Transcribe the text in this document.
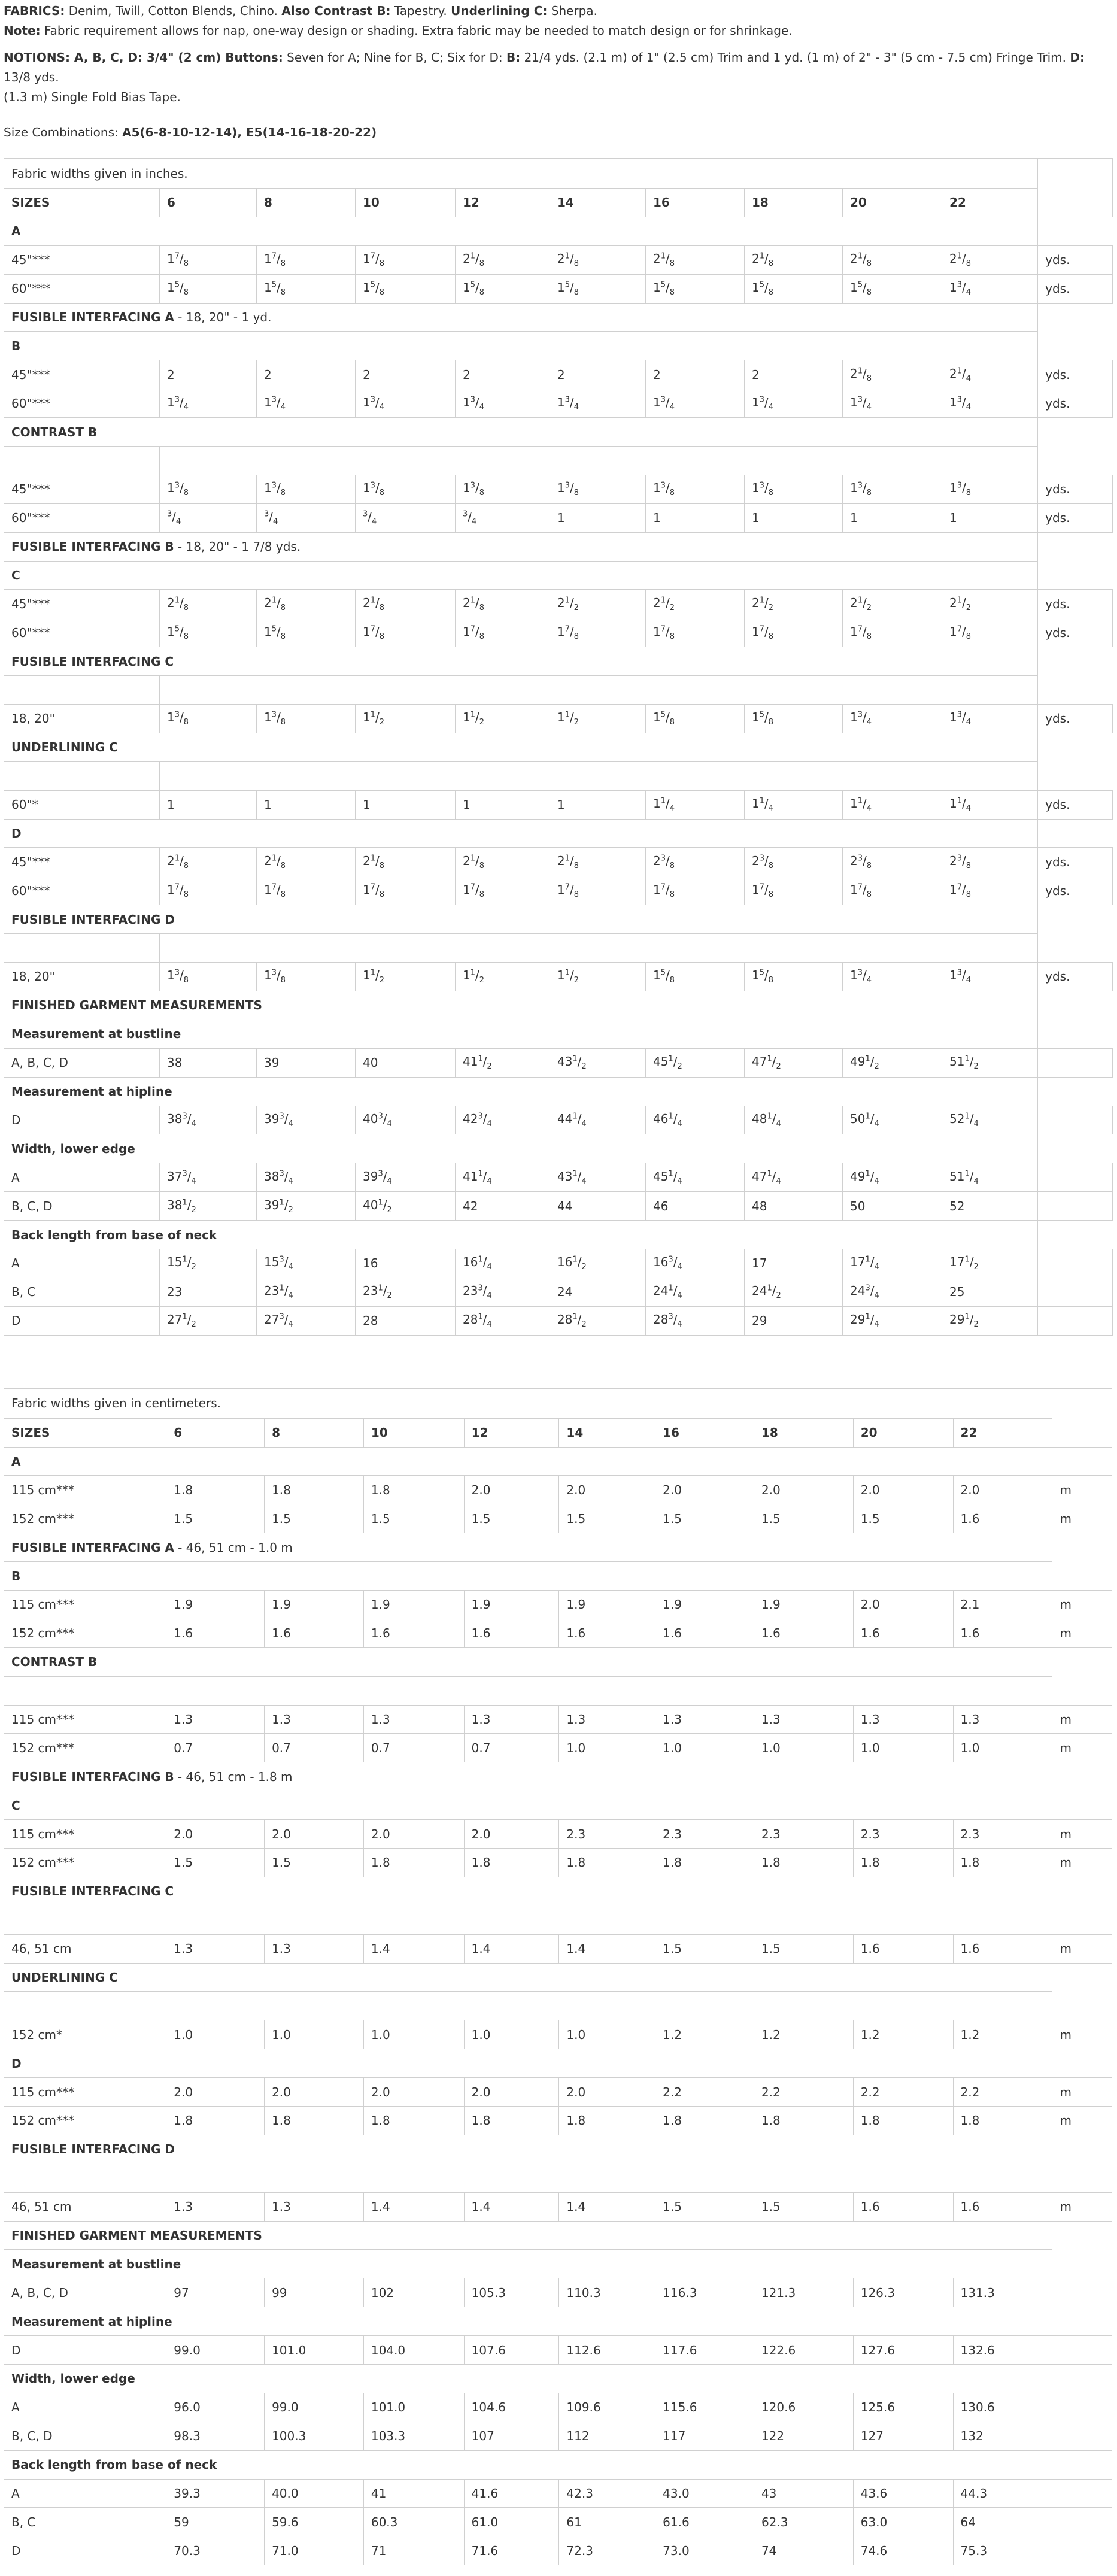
FABRICS: Denim, Twill, Cotton Blends, Chino. Also Contrast B: Tapestry. Underlining C: Sherpa.

Note: Fabric requirement allows for nap, one-way design or shading. Extra fabric may be needed to match design or for shrinkage.

NOTIONS: A, B, C, D: 3/4" (2 cm) Buttons: Seven for A; Nine for B, C; Six for D: B: 21/4 yds. (2.1 m) of 1" (2.5 cm) Trim and 1 yd. (1 m) of 2" - 3" (5 cm - 7.5 cm) Fringe Trim. D: 13/8 yds.

(1.3 m) Single Fold Bias Tape.

Size Combinations: A5(6-8-10-12-14), E5(14-16-18-20-22)

Fabric widths given in inches.										
SIZES	6	8	10	12	14	16	18	20	22	
A										
45"***	$1^7/_8$	$1^7/_8$	$1^7/_8$	$2^1/_8$	$2^1/_8$	$2^1/_8$	$2^1/_8$	$2^1/_8$	$2^1/_8$	yds.
60"***	$1^5/_8$	$1^5/_8$	$1^5/_8$	$1^5/_8$	$1^5/_8$	$1^5/_8$	$1^5/_8$	$1^5/_8$	$1^3/_4$	yds.
FUSIBLE INTERFACING A - 18, 20" - 1 yd.										
B										
45"***	2	2	2	2	2	2	2	$2^1/_8$	$2^1/_4$	yds.
60"***	$1^3/_4$	$1^3/_4$	$1^3/_4$	$1^3/_4$	$1^3/_4$	$1^3/_4$	$1^3/_4$	$1^3/_4$	$1^3/_4$	yds.
CONTRAST B										

45"***	$1^3/_8$	$1^3/_8$	$1^3/_8$	$1^3/_8$	$1^3/_8$	$1^3/_8$	$1^3/_8$	$1^3/_8$	$1^3/_8$	yds.
60"***	$^3/_4$	$^3/_4$	$^3/_4$	$^3/_4$	1	1	1	1	1	yds.
FUSIBLE INTERFACING B - 18, 20" - 1 7/8 yds.										
C										
45"***	$2^1/_8$	$2^1/_8$	$2^1/_8$	$2^1/_8$	$2^1/_2$	$2^1/_2$	$2^1/_2$	$2^1/_2$	$2^1/_2$	yds.
60"***	$1^5/_8$	$1^5/_8$	$1^7/_8$	$1^7/_8$	$1^7/_8$	$1^7/_8$	$1^7/_8$	$1^7/_8$	$1^7/_8$	yds.
FUSIBLE INTERFACING C										

18, 20"	$1^3/_8$	$1^3/_8$	$1^1/_2$	$1^1/_2$	$1^1/_2$	$1^5/_8$	$1^5/_8$	$1^3/_4$	$1^3/_4$	yds.
UNDERLINING C										

60"*	1	1	1	1	1	$1^1/_4$	$1^1/_4$	$1^1/_4$	$1^1/_4$	yds.
D										
45"***	$2^1/_8$	$2^1/_8$	$2^1/_8$	$2^1/_8$	$2^1/_8$	$2^3/_8$	$2^3/_8$	$2^3/_8$	$2^3/_8$	yds.
60"***	$1^7/_8$	$1^7/_8$	$1^7/_8$	$1^7/_8$	$1^7/_8$	$1^7/_8$	$1^7/_8$	$1^7/_8$	$1^7/_8$	yds.
FUSIBLE INTERFACING D										

18, 20"	$1^3/_8$	$1^3/_8$	$1^1/_2$	$1^1/_2$	$1^1/_2$	$1^5/_8$	$1^5/_8$	$1^3/_4$	$1^3/_4$	yds.
FINISHED GARMENT MEASUREMENTS										
Measurement at bustline										
A, B, C, D	38	39	40	$41^1/_2$	$43^1/_2$	$45^1/_2$	$47^1/_2$	$49^1/_2$	$51^1/_2$	
Measurement at hipline										
D	$38^3/_4$	$39^3/_4$	$40^3/_4$	$42^3/_4$	$44^1/_4$	$46^1/_4$	$48^1/_4$	$50^1/_4$	$52^1/_4$	
Width, lower edge										
A	$37^3/_4$	$38^3/_4$	$39^3/_4$	$41^1/_4$	$43^1/_4$	$45^1/_4$	$47^1/_4$	$49^1/_4$	$51^1/_4$	
B, C, D	$38^1/_2$	$39^1/_2$	$40^1/_2$	42	44	46	48	50	52	
Back length from base of neck										
A	$15^1/_2$	$15^3/_4$	16	$16^1/_4$	$16^1/_2$	$16^3/_4$	17	$17^1/_4$	$17^1/_2$	
B, C	23	$23^1/_4$	$23^1/_2$	$23^3/_4$	24	$24^1/_4$	$24^1/_2$	$24^3/_4$	25	
D	$27^1/_2$	$27^3/_4$	28	$28^1/_4$	$28^1/_2$	$28^3/_4$	29	$29^1/_4$	$29^1/_2$	
Fabric widths given in centimeters.										
SIZES	6	8	10	12	14	16	18	20	22	
A										
115 cm***	1.8	1.8	1.8	2.0	2.0	2.0	2.0	2.0	2.0	m
152 cm***	1.5	1.5	1.5	1.5	1.5	1.5	1.5	1.5	1.6	m
FUSIBLE INTERFACING A - 46, 51 cm - 1.0 m										
B										
115 cm***	1.9	1.9	1.9	1.9	1.9	1.9	1.9	2.0	2.1	m
152 cm***	1.6	1.6	1.6	1.6	1.6	1.6	1.6	1.6	1.6	m
CONTRAST B										

115 cm***	1.3	1.3	1.3	1.3	1.3	1.3	1.3	1.3	1.3	m
152 cm***	0.7	0.7	0.7	0.7	1.0	1.0	1.0	1.0	1.0	m
FUSIBLE INTERFACING B - 46, 51 cm - 1.8 m										
C										
115 cm***	2.0	2.0	2.0	2.0	2.3	2.3	2.3	2.3	2.3	m
152 cm***	1.5	1.5	1.8	1.8	1.8	1.8	1.8	1.8	1.8	m
FUSIBLE INTERFACING C										

46, 51 cm	1.3	1.3	1.4	1.4	1.4	1.5	1.5	1.6	1.6	m
UNDERLINING C										

152 cm*	1.0	1.0	1.0	1.0	1.0	1.2	1.2	1.2	1.2	m
D										
115 cm***	2.0	2.0	2.0	2.0	2.0	2.2	2.2	2.2	2.2	m
152 cm***	1.8	1.8	1.8	1.8	1.8	1.8	1.8	1.8	1.8	m
FUSIBLE INTERFACING D										

46, 51 cm	1.3	1.3	1.4	1.4	1.4	1.5	1.5	1.6	1.6	m
FINISHED GARMENT MEASUREMENTS										
Measurement at bustline										
A, B, C, D	97	99	102	105.3	110.3	116.3	121.3	126.3	131.3	
Measurement at hipline										
D	99.0	101.0	104.0	107.6	112.6	117.6	122.6	127.6	132.6	
Width, lower edge										
A	96.0	99.0	101.0	104.6	109.6	115.6	120.6	125.6	130.6	
B, C, D	98.3	100.3	103.3	107	112	117	122	127	132	
Back length from base of neck										
A	39.3	40.0	41	41.6	42.3	43.0	43	43.6	44.3	
B, C	59	59.6	60.3	61.0	61	61.6	62.3	63.0	64	
D	70.3	71.0	71	71.6	72.3	73.0	74	74.6	75.3	
